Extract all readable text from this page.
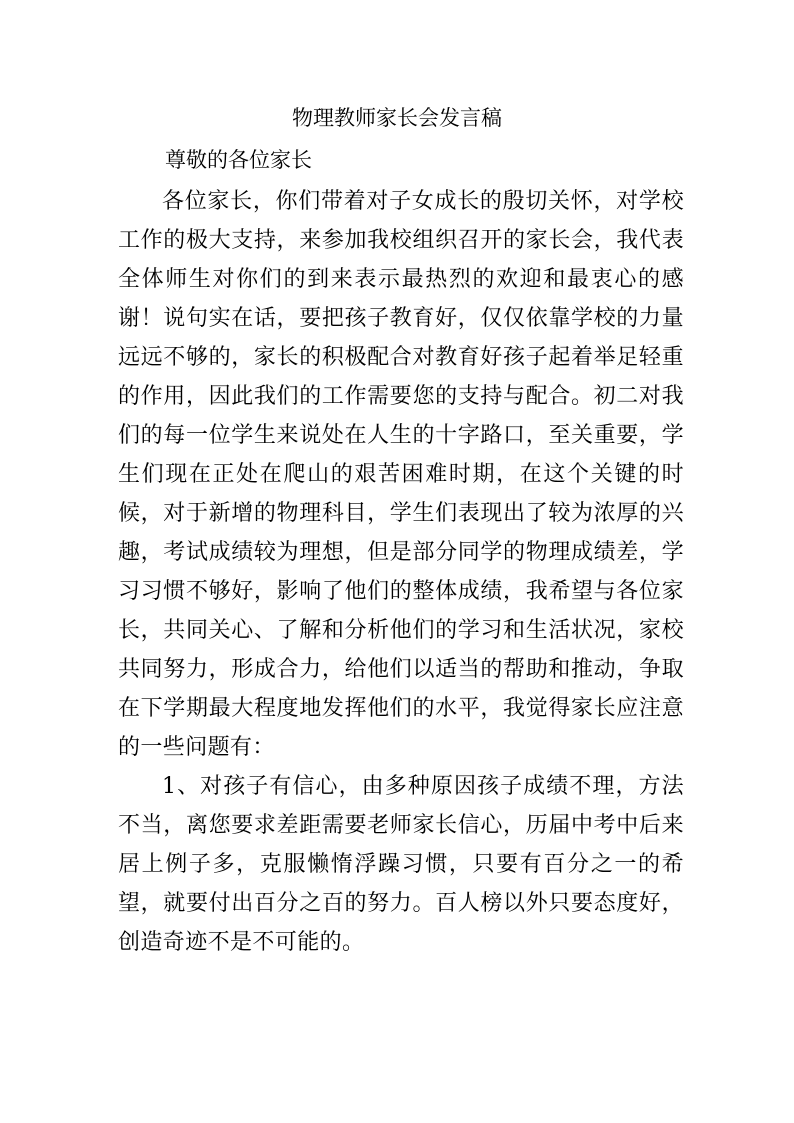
物理教师家长会发言稿

尊敬的各位家长

各位家长，你们带着对子女成长的殷切关怀，对学校工作的极大支持，来参加我校组织召开的家长会，我代表全体师生对你们的到来表示最热烈的欢迎和最衷心的感谢！说句实在话，要把孩子教育好，仅仅依靠学校的力量远远不够的，家长的积极配合对教育好孩子起着举足轻重的作用，因此我们的工作需要您的支持与配合。初二对我们的每一位学生来说处在人生的十字路口，至关重要，学生们现在正处在爬山的艰苦困难时期，在这个关键的时候，对于新增的物理科目，学生们表现出了较为浓厚的兴趣，考试成绩较为理想，但是部分同学的物理成绩差，学习习惯不够好，影响了他们的整体成绩，我希望与各位家长，共同关心、了解和分析他们的学习和生活状况，家校共同努力，形成合力，给他们以适当的帮助和推动，争取在下学期最大程度地发挥他们的水平，我觉得家长应注意的一些问题有：

1、对孩子有信心，由多种原因孩子成绩不理，方法不当，离您要求差距需要老师家长信心，历届中考中后来居上例子多，克服懒惰浮躁习惯，只要有百分之一的希望，就要付出百分之百的努力。百人榜以外只要态度好，创造奇迹不是不可能的。
